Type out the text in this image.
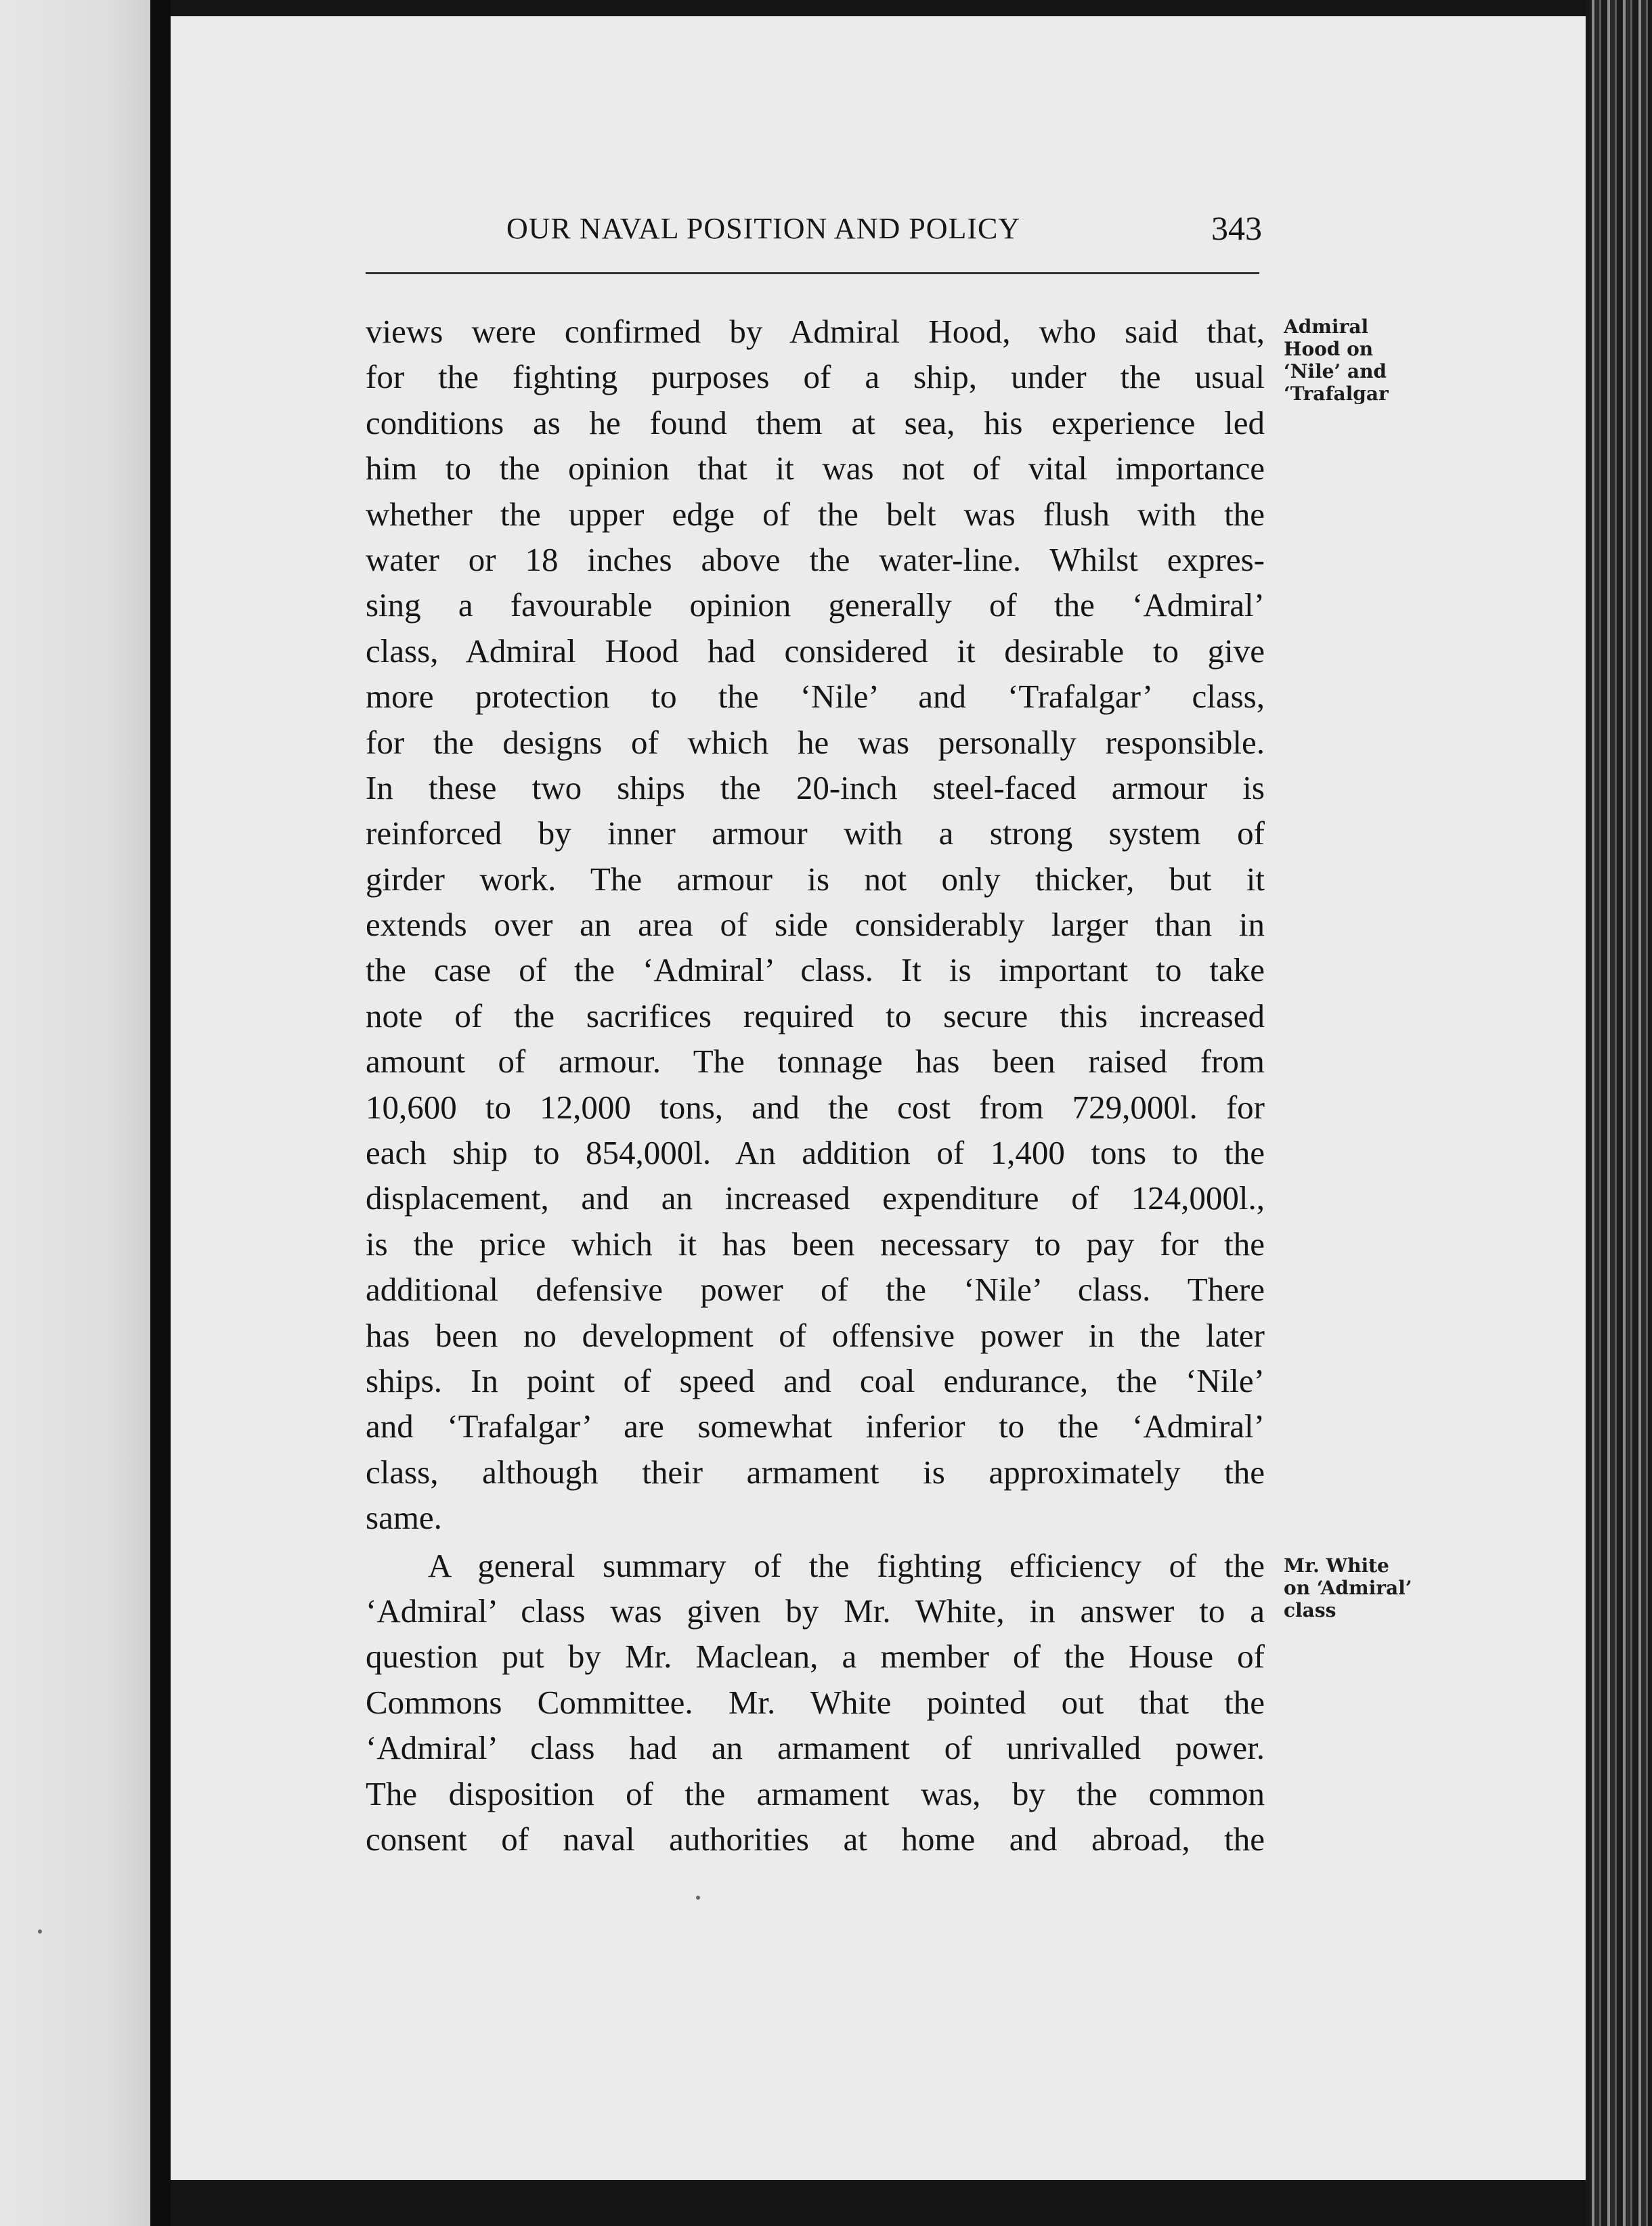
OUR NAVAL POSITION AND POLICY	343
views were confirmed by Admiral Hood, who said that,
for the fighting purposes of a ship, under the usual
conditions as he found them at sea, his experience led
him to the opinion that it was not of vital importance
whether the upper edge of the belt was flush with the
water or 18 inches above the water-line. Whilst expres-
sing a favourable opinion generally of the ‘Admiral’
class, Admiral Hood had considered it desirable to give
more protection to the ‘Nile’ and ‘Trafalgar’ class,
for the designs of which he was personally responsible.
In these two ships the 20-inch steel-faced armour is
reinforced by inner armour with a strong system of
girder work. The armour is not only thicker, but it
extends over an area of side considerably larger than in
the case of the ‘Admiral’ class. It is important to take
note of the sacrifices required to secure this increased
amount of armour. The tonnage has been raised from
10,600 to 12,000 tons, and the cost from 729,000l. for
each ship to 854,000l. An addition of 1,400 tons to the
displacement, and an increased expenditure of 124,000l.,
is the price which it has been necessary to pay for the
additional defensive power of the ‘Nile’ class. There
has been no development of offensive power in the later
ships. In point of speed and coal endurance, the ‘Nile’
and ‘Trafalgar’ are somewhat inferior to the ‘Admiral’
class, although their armament is approximately the
same.
A general summary of the fighting efficiency of the
‘Admiral’ class was given by Mr. White, in answer to a
question put by Mr. Maclean, a member of the House of
Commons Committee. Mr. White pointed out that the
‘Admiral’ class had an armament of unrivalled power.
The disposition of the armament was, by the common
consent of naval authorities at home and abroad, the
Admiral
Hood on
‘Nile’ and
‘Trafalgar
Mr. White
on ‘Admiral’
class
